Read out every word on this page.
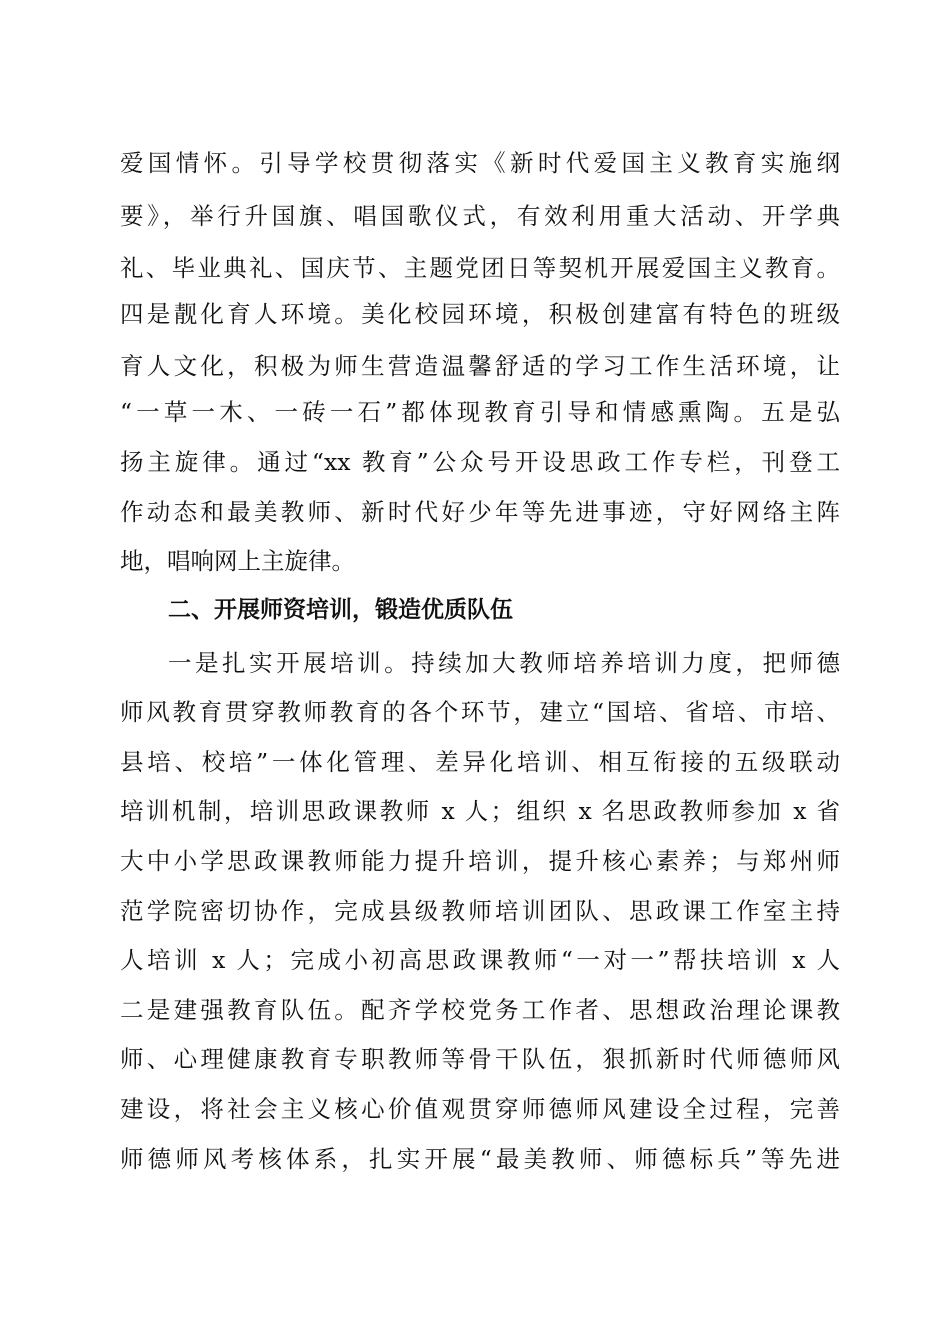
爱国情怀。引导学校贯彻落实《新时代爱国主义教育实施纲
要》，举行升国旗、唱国歌仪式，有效利用重大活动、开学典
礼、毕业典礼、国庆节、主题党团日等契机开展爱国主义教育。
四是靓化育人环境。美化校园环境，积极创建富有特色的班级
育人文化，积极为师生营造温馨舒适的学习工作生活环境，让
“一草一木、一砖一石”都体现教育引导和情感熏陶。五是弘
扬主旋律。通过“xx 教育”公众号开设思政工作专栏，刊登工
作动态和最美教师、新时代好少年等先进事迹，守好网络主阵
地，唱响网上主旋律。
二、开展师资培训，锻造优质队伍
一是扎实开展培训。持续加大教师培养培训力度，把师德
师风教育贯穿教师教育的各个环节，建立“国培、省培、市培、
县培、校培”一体化管理、差异化培训、相互衔接的五级联动
培训机制，培训思政课教师 x 人；组织 x 名思政教师参加 x 省
大中小学思政课教师能力提升培训，提升核心素养；与郑州师
范学院密切协作，完成县级教师培训团队、思政课工作室主持
人培训 x 人；完成小初高思政课教师“一对一”帮扶培训 x 人
二是建强教育队伍。配齐学校党务工作者、思想政治理论课教
师、心理健康教育专职教师等骨干队伍，狠抓新时代师德师风
建设，将社会主义核心价值观贯穿师德师风建设全过程，完善
师德师风考核体系，扎实开展“最美教师、师德标兵”等先进
